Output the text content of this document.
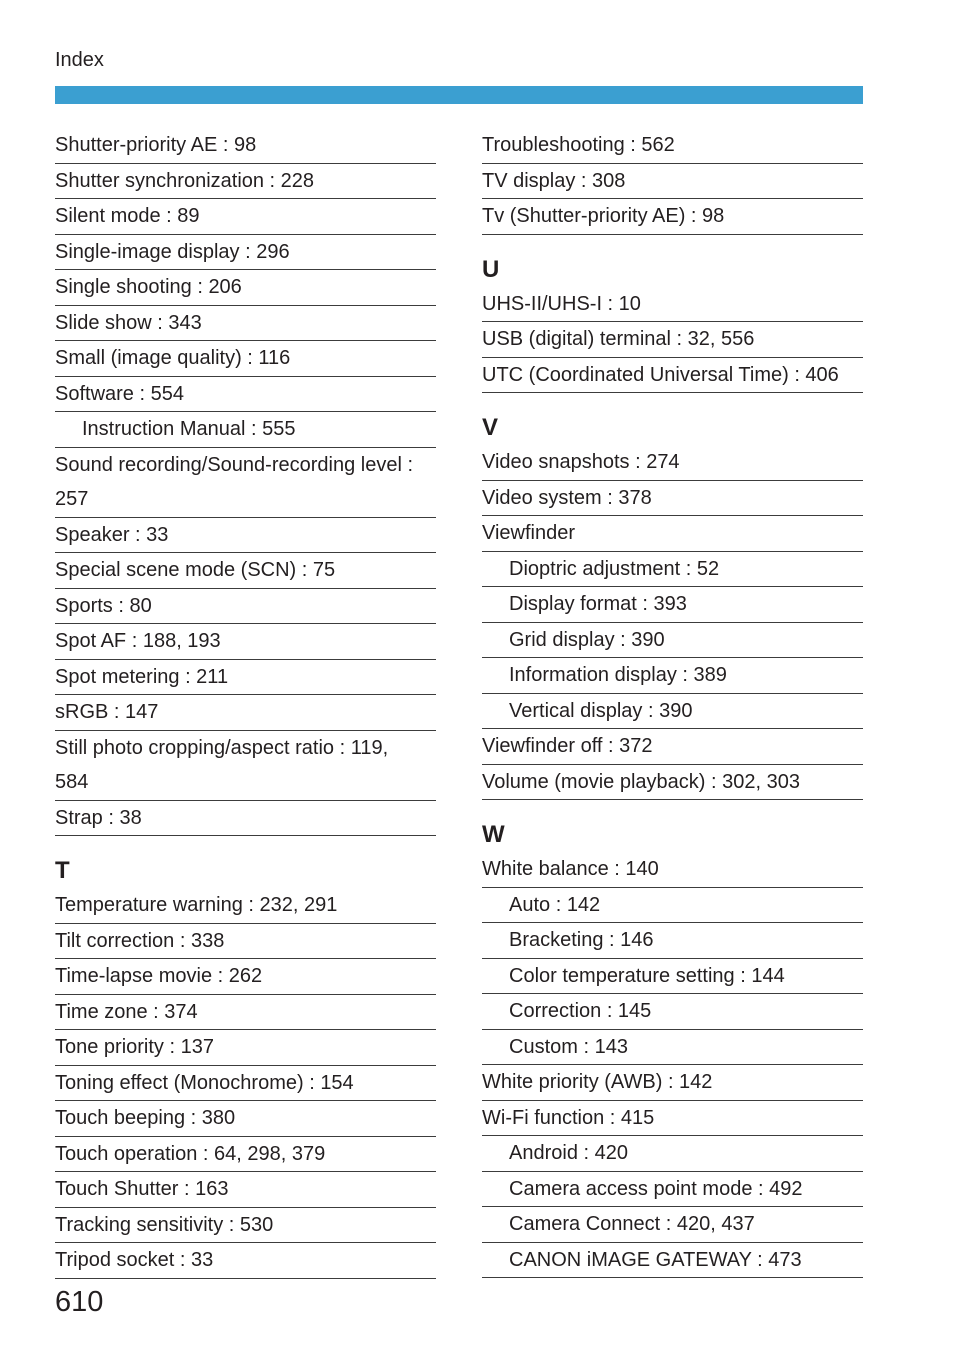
Index
Shutter-priority AE : 98
Shutter synchronization : 228
Silent mode : 89
Single-image display : 296
Single shooting : 206
Slide show : 343
Small (image quality) : 116
Software : 554
Instruction Manual : 555
Sound recording/Sound-recording level :
257
Speaker : 33
Special scene mode (SCN) : 75
Sports : 80
Spot AF : 188, 193
Spot metering : 211
sRGB : 147
Still photo cropping/aspect ratio : 119,
584
Strap : 38
T
Temperature warning : 232, 291
Tilt correction : 338
Time-lapse movie : 262
Time zone : 374
Tone priority : 137
Toning effect (Monochrome) : 154
Touch beeping : 380
Touch operation : 64, 298, 379
Touch Shutter : 163
Tracking sensitivity : 530
Tripod socket : 33
Troubleshooting : 562
TV display : 308
Tv (Shutter-priority AE) : 98
U
UHS-II/UHS-I : 10
USB (digital) terminal : 32, 556
UTC (Coordinated Universal Time) : 406
V
Video snapshots : 274
Video system : 378
Viewfinder
Dioptric adjustment : 52
Display format : 393
Grid display : 390
Information display : 389
Vertical display : 390
Viewfinder off : 372
Volume (movie playback) : 302, 303
W
White balance : 140
Auto : 142
Bracketing : 146
Color temperature setting : 144
Correction : 145
Custom : 143
White priority (AWB) : 142
Wi-Fi function : 415
Android : 420
Camera access point mode : 492
Camera Connect : 420, 437
CANON iMAGE GATEWAY : 473
610
